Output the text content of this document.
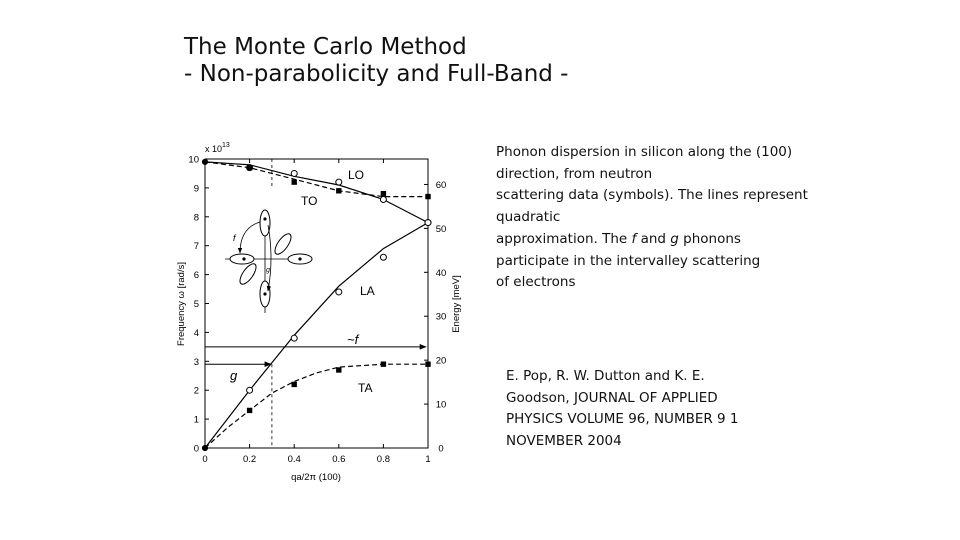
The Monte Carlo Method
- Non-parabolicity and Full-Band -
0	0.2	0.4	0.6	0.8	1
0
1
2
3
4
5
6
7
8
9
10
0
10
20
30
40
50
60
x $10^{13}$
Frequency ω [rad/s]	Energy [meV]
qa/2π (100)
LO
TO
LA
TA
~f
g
f
g
Phonon dispersion in silicon along the (100)
direction, from neutron
scattering data (symbols). The lines represent
quadratic
approximation. The f and g phonons
participate in the intervalley scattering
of electrons
E. Pop, R. W. Dutton and K. E.
Goodson, JOURNAL OF APPLIED
PHYSICS VOLUME 96, NUMBER 9 1
NOVEMBER 2004
